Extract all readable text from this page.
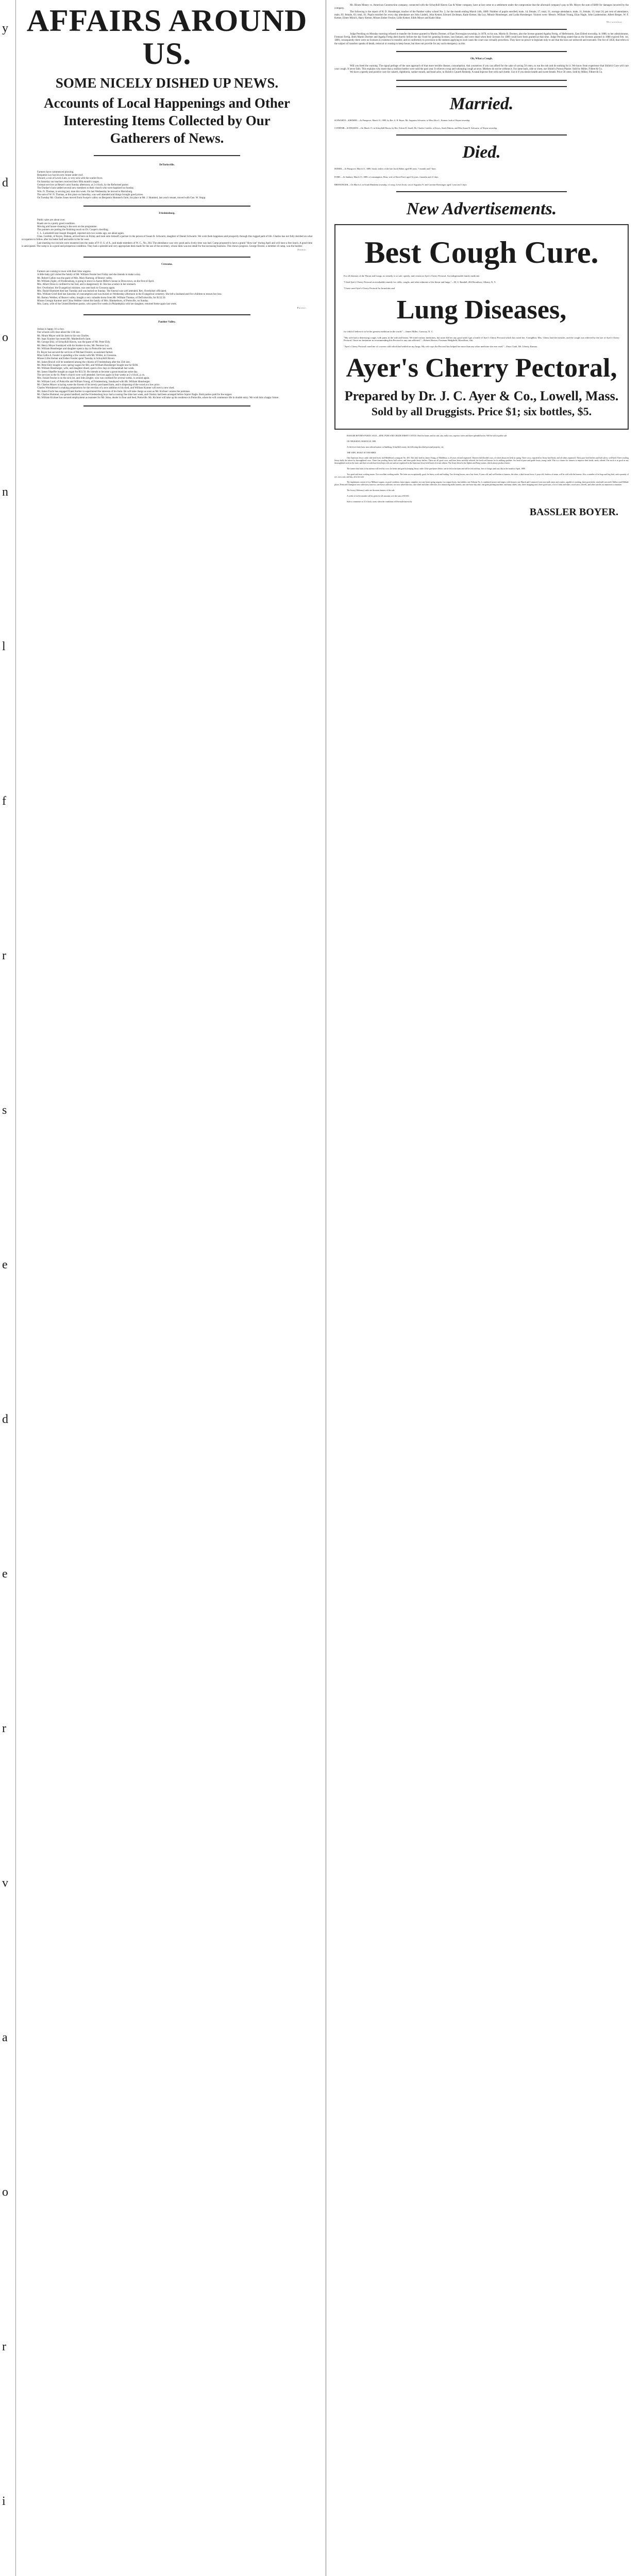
y
d
o
n
l
f
r
s
e
d
e
r
v
a
o
r
i
AFFAIRS AROUND US.
SOME NICELY DISHED UP NEWS.
Accounts of Local Happenings and Other Interesting Items Collected by Our Gatherers of News.
DeTurksville.

Farmers have commenced plowing.

Benjamin Loy has his new house under roof.

Edward, a son of Lewis Lutz, is very sick with the scarlet fever.

On Saturday our teachers received their fifth month's wages.

German services at Hetzel's next Sunday afternoon; at 2 o'clock, by the Reformed pastor.

The Dunker's have added several new members to their church who were baptized on Sunday.

Wm. N. Thomas, is serving jury man this week. On last Wednesday he moved to Harrisburg.

The sale of W. N. Thomas, at this place on Saturday, was well attended and things brought good prices.

On Tuesday Mr. Charles Jones moved from Swope's valley on Benjamin Hummel's farm, his place at Mr. J. Hummel, last year's tenant, moved with Geo. W. Stupp.

Friedensburg.

Public sales are about over.

Roads are in a pretty good condition.

Moving and house-cleaning is the next on the programme.

The painters are putting the finishing touch on Dr. Cooper's dwelling.

C. L. Luckenbill and Joseph Shoppell, reported sick two weeks ago, are about again.

Chas. Confehr, of Keyes, Dakota, arrived here on Friday and took unto himself a partner in the person of Susan R. Schwartz, daughter of Daniel Schwartz. We wish them happiness and prosperity through this rugged path of life. Charles has not fully decided on what occupation to follow after his better half and settle in the far west.

Last meeting two recruits were mustered into the ranks of P. O. S. of A., and made members of W. C., No. 264. The attendance was very good and a lively time was had. Camp proposed to have a grand "blow-out" during April and will have a free lunch. A good time is anticipated. The camp is in a good and prosperous condition. They had a splendid and very appropriate desk made for the use of the secretary, whose desk was too small for the increasing business. This shows progress. George Fessler, a member of camp, was the builder.

Jerrie.
Cressona.

Farmers are coming to town with their lime wagons.

A little baby girl visited the family of Mr. William Fessler last Friday and she intends to make a stay.

Mr. Robert Callon was the guest of Mrs. Mary Hartzog, of Beaver valley.

Mr. William Zigler, of Friedensburg, is going to move in Aaron Miller's house in Dress town, on the first of April.

Mrs. Albert Dress is confined to her bed, and is dangerously ill. She has a tumor in her stomach.

Rev. Overholser, the Evangelical minister, was sent back to Cressona again.

Mrs. Daniel Bartolett died last Tuesday and was buried on Sunday. The funeral was well attended. Rev. Overholser officiated.

Mrs. William Grief died last Saturday of consumption and was buried on Wednesday afternoon in the Evangelical cemetery. She left a husband and five children to mourn her loss.

Mr. Barney Webber, of Beaver valley, bought a very valuable horse from Mr. William Thomas, of DeTurksville, for $132.50.

Misses Georgia Kantner and China Webber visited the family of Mrs. Blankethorn, of Pottsville, on Sunday.

Mrs. Lamy, wife of the United Brethren pastor, who spent five weeks in Philadelphia with her daughter, returned home again last week.

Priest.
Panther Valley.

Joshua is happy. It's a boy.

Our schools will close about the 11th inst.

Mr. Hiram Moyer sold his farm to his son Charles.

Mr. Isaac Kramer has rented Mr. Maidenford's farm.

Mr. George Ehly, of Schuylkill Haven, was the guest of Mr. Peter Ehly.

Mr. Henry Moyer Sundayed with his brother-in-law, Mr. Penrose Loy.

Mr. William Honsberger and daughter spent a day in Pottsville last week.

Dr. Boyer has secured the services of Michael Fessler, as assistant farmer.

Miss Callie A. Fessler is spending a few weeks with Mr. Wilder, in Cressona.

Misses Lillie Keiner and Esther Fessler spent Tuesday in Schuylkill Haven.

Mr. James Bruich will be numbered among the citizens of Friedensburg after the 25th inst.

Mr. Peter Ehly bought a new spring wagon for $61, and William Honsberger bought one for $100.

Mr. William Honsberger, wife, and daughter dined, spent a few days in Shenandoah last week.

Mr. James Shaeffer bought an organ for $33.50. He intends to become a great musician some day.

The services in the St. Peter's church were well attended. Services again in four weeks at 2 o'clock, p. m.

Mrs. Josiah Fessler is on the sick list, and John Zeigler, who was confined for several weeks, is around again.

Mr. William Lord, of Pottsville and William Young, of Friedensburg, Sundayed with Mr. William Honsberger.

Mr. Charles Moyer is laying waste the forests of his newly purchased farm, and is disposing of the wood at a low price.

Charles Wormkessel is making preparations for the erection of a new addition to his shed, and William Kramer will erect a new shed.

Mr. James Focht has engaged Frank Kerber to superintend the interests of his farm. He will take charge as soon as Mr. Kichner vacates the premises.

Mr. Charles Hummel, our genial landlord, and the Friedensburg boys had a rousing fine time last week, and Charley had been arranged before Squire Nagle. Both parties paid for the supper.

Mr. William Kichner has secured employment as teamster for Mr. Stine, dealer in flour and feed, Pottsville. Mr. Kichner will take up his residence in Pottsville, where he will commence life in double entry. We wish him a happy future.

Mr. Hiram Money vs. American Construction company, connected with the Schuylkill Haven Gas & Water company, have at last come to a settlement under the compromise that the aforesaid company's pay to Mr. Moyer the sum of $400 for damages incurred by the company.

The following is the report of H. D. Honsberger, teacher of the Panther valley school No. 2, for the month ending March 14th, 1889: Number of pupils enrolled, male, 14; female, 17; total, 31; average attendance, male, 11; female, 13; total 24; per cent of attendance, male, 83; female, 83; total, 81. Pupils enrolled for every day attendance are John Lindell, John Ketner, Edward Zechman, Katie Ketner, Ida Loy, Minnie Honsberger, and Lydia Honsberger. Visitors were: Messrs. William Young, Elias Nagle, John Laubenstine, Albert Berger, W. F. Ketner, Elmer Minich, Harry Ketner, Misses Esther Fessler, Lillie Ketner, Edith Moyer and Katie Stine.

Occasional.

Judge Pershing on Monday morning refused to transfer the license granted to Martin Dormer, of East Norwegian township, in 1878, to his son, Martin B. Dormer, also the license granted Agatha Fertig, of Heftenstein, East Eldred township, in 1888, to her administrator, Fremont Fertig. Both Martin Dormer and Agatha Fertig died shortly before the day fixed for granting licenses, last January, and were dead when their licenses for 1889 could have been granted at that time. Judge Pershing stated that as the licenses granted in 1888 expired Feb. 1st, 1889, consequently there were no licenses in existence to transfer, and in conformity to provision in the statutes applying to such cases the court was virtually powerless. They have no power to legislate only to see that the laws are enforced and executed. The Act of 1858, that refers to the subject of transfers speaks of death, removal or ceasing to keep house, but does not provide for any such emergency as this.

Oh, What a Cough.

Will you heed the warning. The signal perhaps of the sure approach of that more terrible disease, consumption. Ask yourselves if you can afford for the sake of saving 50 cents, to run the risk and do nothing for it. We know from experience that Shiloh's Cure will cure your cough. It never fails. This explains why more than a million bottles were sold the past year. It relieves croup and whooping cough at once. Mothers do not be without it. For lame back, side or chest, use Shiloh's Porous Plaster. Sold by Miller, Filbert & Co.

We have a speedy and positive cure for catarrh, diphtheria, canker mouth, and head ache, in Shiloh's Catarrh Remedy. A nasal Injector free with each bottle. Use it if you desire health and sweet breath. Price 50 cents. Sold by Miller, Filbert & Co.

Married.

SCHWARTZ—KREMER.—At Pinegrove, March 31, 1889, by Rev. S. R. Boyer, Mr. Augustus Schwartz, to Miss Alice L. Kremer, both of Wayne township.

CONFEHR—SCHWARTZ.—On March 15, in Schuylkill Haven, by Rev. Edwin H. Smoll, Mr. Charles Confehr, of Keyes, South Dakota, and Miss Susan R. Schwartz, of Wayne township.

Died.

HUBER.—At Pinegrove, March 11, 1889, Sarah, widow of the late Jacob Huber, aged 80 years, 7 months and 7 days.

FORD.—At Sunbury, March 15, 1889, of consumption, Eliza, wife of David Ford, aged 34 years, 4 months and 21 days.

BRENSINGER.—On March 4, in South Manheim township, of croup, Lewis Irwin, son of Augustus N. and Caroline Brensinger, aged 1 year and 3 days.

New Advertisements.
Best Cough Cure.

For all diseases of the Throat and Lungs, no remedy is so safe, speedy, and certain as Ayer's Cherry Pectoral. An indispensable family medicine.

"I find Ayer's Cherry Pectoral an invaluable remedy for colds, coughs, and other ailments of the throat and lungs."—M. S. Randall, 204 Broadway, Albany, N. Y.

"I have used Ayer's Cherry Pectoral for bronchitis and

Lung Diseases,

for which I believe it to be the greatest medicine in the world."—James Miller, Caraway, N. C.

"My wife had a distressing cough, with pains in the side and breast. We tried various medicines, but none did her any good until I got a bottle of Ayer's Cherry Pectoral which has cured her. A neighbor, Mrs. Glenn, had the measles, and the cough was relieved by the use of Ayer's Cherry Pectoral. I have no hesitation in recommending this Pectoral to any one afflicted."—Robert Horton, Foreman Hedgfield, Morrillton, Ark.

"Ayer's Cherry Pectoral cured me of a severe cold which had settled on my lungs. My wife says the Pectoral has helped her more than any other medicine she ever used."—Enos Clark, Mt. Liberty, Kansas.

Ayer's Cherry Pectoral,
Prepared by Dr. J. C. Ayer & Co., Lowell, Mass.
Sold by all Druggists. Price $1; six bottles, $5.

BASSLER BOYER'S PUBLIC SALE.—FINE, PURE AND GRADE JERSEY CATTLE. Bred for butter, and for sale, also, milk cows, superior calves and three splendid horses. Will be sold at public sale

ON THURSDAY, MARCH 28, 1889.

At the lower farm barn, near railroad station, at Sandburg, Schuylkill county, the following described personal property, viz:

THE WIFE, BASLE AT THE HERD.

One American Jersey cattle club herd book, bull Middleton's youngster No. 403. This bull, bred by James Young, of Middleton, is 20 years old and registered. Thirteen full blooded cows, of which about ten fresh in spring. Three cows, registered in Jersey herd-book, and all others registered. Thirty pure bred heifers and bull calves, well-bred. Three yearling Jersey bulls, the above by thoroughbred cows. Three fine yearling Jersey bull calves, and three grade Jersey heifers. These are all good cows, and have been carefully selected, the herd well known for its milking qualities. Six head of pure and grade Jersey young cattle. This is a chance for farmers to improve their herds, rarely offered. The stock is as good as any thoroughbred stock in the state, and their records have been kept with care and are registered in the American Jersey herd-book of recent edition. The Jersey blood is the Alphea and Pansy strains, which always produce butter.

The farmer that looks to his interest will feed his cows for better and gain by keeping Jersey cattle. If the purchasers desire, can be left at the farm and will be fed with hay, free of charge, until any day in the month of April, 1889.

Two good and stout working mares. Two excellent working mules. The latter are exceptionally good, for heavy work and loading. Two driving horses, one a bay horse, 8 years old, and well broken to harness, the other, a dark brown horse, 6 years old, fearless of steam, will be sold with the harness. Also, a number of fat hogs and hog feed, and a quantity of rye, corn, oats, and hay, all to be sold.

The implements consist of two Milburn wagons, in good condition; farm wagon, complete; two one horse spring wagons; two wagon boxes, hay ladders, one Osborne No. 6, combined mower and reaper, with fixtures; one Hauck and Comstock Lion corn-stalk cutter and crusher, capable of crushing, three good sleds, wind-mill, new mill, Wallace and Hillside plows, Penn and Champion corn cultivators, harrows, one-horse cultivator, two new wheel barrows, one wheel and other cultivator; two winnowing mills; harness, one one-horse hay rake, one grain pitching machine, and many others; also, three chopping axes, three good saws, a lot of forks and rakes; wood saws; shovels, and other articles too numerous to mention.

The Jersey (Alderney) cattle are the main features of the sale.

A credit of twelve months will be given for all amounts over the sum of $10.00.

Sale to commence at 12 o'clock, noon, when the conditions will be made known by

BASSLER BOYER.
